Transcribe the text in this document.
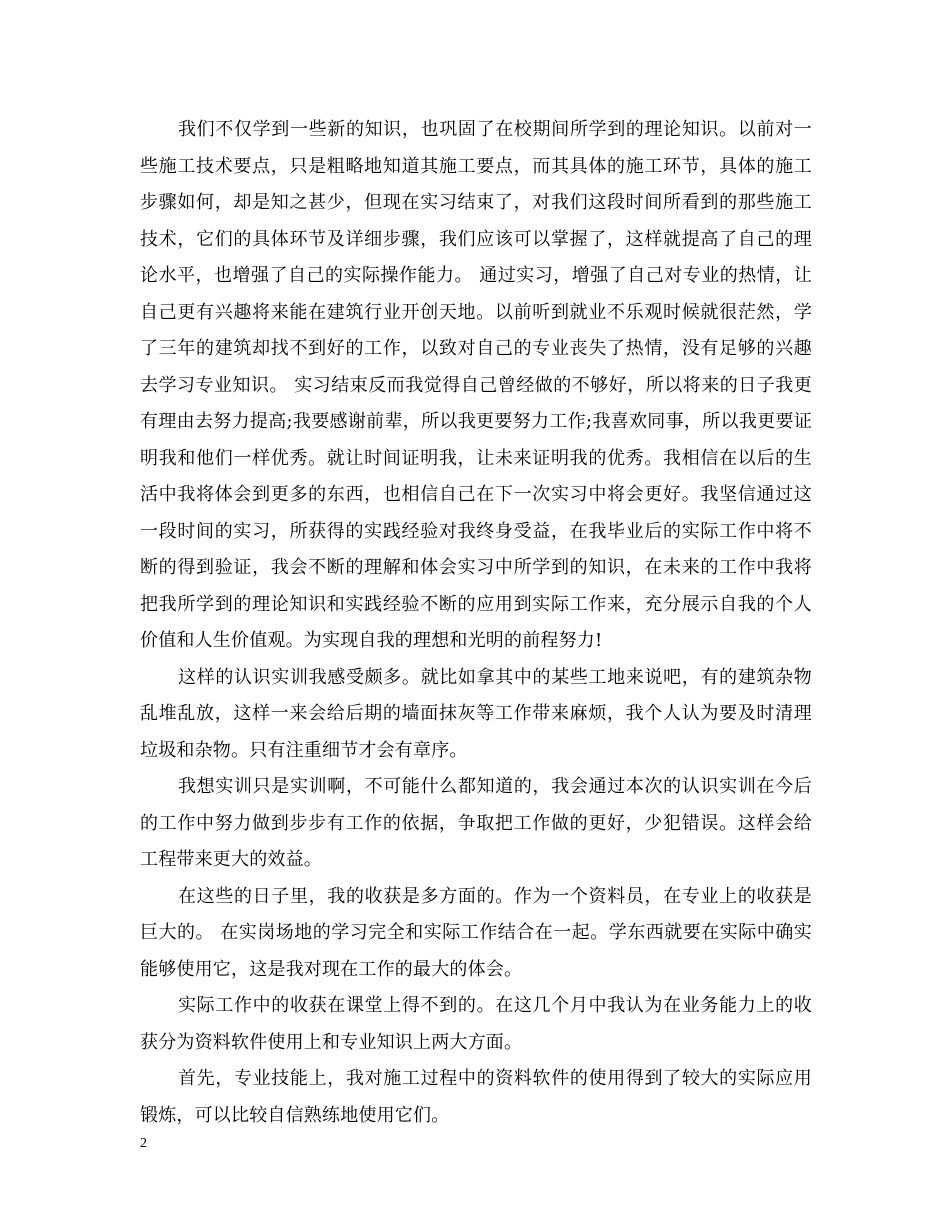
我们不仅学到一些新的知识，也巩固了在校期间所学到的理论知识。以前对一些施工技术要点，只是粗略地知道其施工要点，而其具体的施工环节，具体的施工步骤如何，却是知之甚少，但现在实习结束了，对我们这段时间所看到的那些施工技术，它们的具体环节及详细步骤，我们应该可以掌握了，这样就提高了自己的理论水平，也增强了自己的实际操作能力。 通过实习，增强了自己对专业的热情，让自己更有兴趣将来能在建筑行业开创天地。以前听到就业不乐观时候就很茫然，学了三年的建筑却找不到好的工作，以致对自己的专业丧失了热情，没有足够的兴趣去学习专业知识。 实习结束反而我觉得自己曾经做的不够好，所以将来的日子我更有理由去努力提高;我要感谢前辈，所以我更要努力工作;我喜欢同事，所以我更要证明我和他们一样优秀。就让时间证明我，让未来证明我的优秀。我相信在以后的生活中我将体会到更多的东西，也相信自己在下一次实习中将会更好。我坚信通过这一段时间的实习，所获得的实践经验对我终身受益，在我毕业后的实际工作中将不断的得到验证，我会不断的理解和体会实习中所学到的知识，在未来的工作中我将把我所学到的理论知识和实践经验不断的应用到实际工作来，充分展示自我的个人价值和人生价值观。为实现自我的理想和光明的前程努力!

这样的认识实训我感受颇多。就比如拿其中的某些工地来说吧，有的建筑杂物乱堆乱放，这样一来会给后期的墙面抹灰等工作带来麻烦，我个人认为要及时清理垃圾和杂物。只有注重细节才会有章序。

我想实训只是实训啊，不可能什么都知道的，我会通过本次的认识实训在今后的工作中努力做到步步有工作的依据，争取把工作做的更好，少犯错误。这样会给工程带来更大的效益。

在这些的日子里，我的收获是多方面的。作为一个资料员，在专业上的收获是巨大的。 在实岗场地的学习完全和实际工作结合在一起。学东西就要在实际中确实能够使用它，这是我对现在工作的最大的体会。

实际工作中的收获在课堂上得不到的。在这几个月中我认为在业务能力上的收获分为资料软件使用上和专业知识上两大方面。

首先，专业技能上，我对施工过程中的资料软件的使用得到了较大的实际应用锻炼，可以比较自信熟练地使用它们。

2
